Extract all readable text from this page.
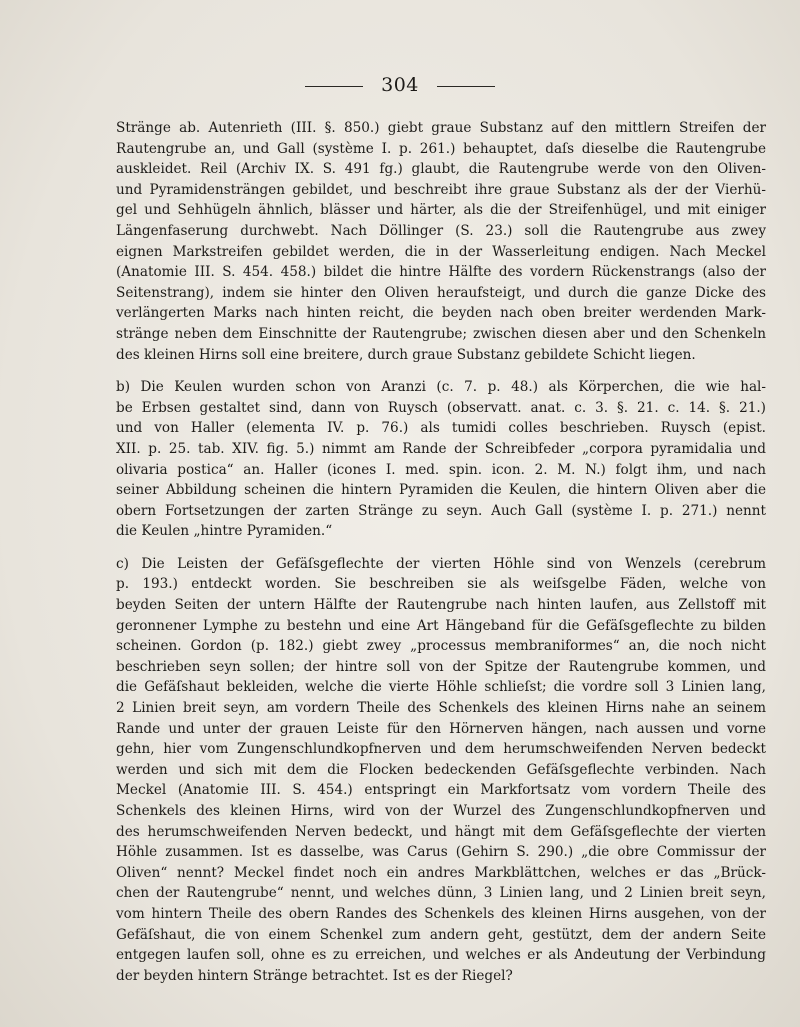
304
Stränge ab. Autenrieth (III. §. 850.) giebt graue Substanz auf den mittlern Streifen der
Rautengrube an, und Gall (système I. p. 261.) behauptet, daſs dieselbe die Rautengrube
auskleidet. Reil (Archiv IX. S. 491 fg.) glaubt, die Rautengrube werde von den Oliven-
und Pyramidensträngen gebildet, und beschreibt ihre graue Substanz als der der Vierhü-
gel und Sehhügeln ähnlich, blässer und härter, als die der Streifenhügel, und mit einiger
Längenfaserung durchwebt. Nach Döllinger (S. 23.) soll die Rautengrube aus zwey
eignen Markstreifen gebildet werden, die in der Wasserleitung endigen. Nach Meckel
(Anatomie III. S. 454. 458.) bildet die hintre Hälfte des vordern Rückenstrangs (also der
Seitenstrang), indem sie hinter den Oliven heraufsteigt, und durch die ganze Dicke des
verlängerten Marks nach hinten reicht, die beyden nach oben breiter werdenden Mark-
stränge neben dem Einschnitte der Rautengrube; zwischen diesen aber und den Schenkeln
des kleinen Hirns soll eine breitere, durch graue Substanz gebildete Schicht liegen.
b) Die Keulen wurden schon von Aranzi (c. 7. p. 48.) als Körperchen, die wie hal-
be Erbsen gestaltet sind, dann von Ruysch (observatt. anat. c. 3. §. 21. c. 14. §. 21.)
und von Haller (elementa IV. p. 76.) als tumidi colles beschrieben. Ruysch (epist.
XII. p. 25. tab. XIV. fig. 5.) nimmt am Rande der Schreibfeder „corpora pyramidalia und
olivaria postica“ an. Haller (icones I. med. spin. icon. 2. M. N.) folgt ihm, und nach
seiner Abbildung scheinen die hintern Pyramiden die Keulen, die hintern Oliven aber die
obern Fortsetzungen der zarten Stränge zu seyn. Auch Gall (système I. p. 271.) nennt
die Keulen „hintre Pyramiden.“
c) Die Leisten der Gefäſsgeflechte der vierten Höhle sind von Wenzels (cerebrum
p. 193.) entdeckt worden. Sie beschreiben sie als weiſsgelbe Fäden, welche von
beyden Seiten der untern Hälfte der Rautengrube nach hinten laufen, aus Zellstoff mit
geronnener Lymphe zu bestehn und eine Art Hängeband für die Gefäſsgeflechte zu bilden
scheinen. Gordon (p. 182.) giebt zwey „processus membraniformes“ an, die noch nicht
beschrieben seyn sollen; der hintre soll von der Spitze der Rautengrube kommen, und
die Gefäſshaut bekleiden, welche die vierte Höhle schlieſst; die vordre soll 3 Linien lang,
2 Linien breit seyn, am vordern Theile des Schenkels des kleinen Hirns nahe an seinem
Rande und unter der grauen Leiste für den Hörnerven hängen, nach aussen und vorne
gehn, hier vom Zungenschlundkopfnerven und dem herumschweifenden Nerven bedeckt
werden und sich mit dem die Flocken bedeckenden Gefäſsgeflechte verbinden. Nach
Meckel (Anatomie III. S. 454.) entspringt ein Markfortsatz vom vordern Theile des
Schenkels des kleinen Hirns, wird von der Wurzel des Zungenschlundkopfnerven und
des herumschweifenden Nerven bedeckt, und hängt mit dem Gefäſsgeflechte der vierten
Höhle zusammen. Ist es dasselbe, was Carus (Gehirn S. 290.) „die obre Commissur der
Oliven“ nennt? Meckel findet noch ein andres Markblättchen, welches er das „Brück-
chen der Rautengrube“ nennt, und welches dünn, 3 Linien lang, und 2 Linien breit seyn,
vom hintern Theile des obern Randes des Schenkels des kleinen Hirns ausgehen, von der
Gefäſshaut, die von einem Schenkel zum andern geht, gestützt, dem der andern Seite
entgegen laufen soll, ohne es zu erreichen, und welches er als Andeutung der Verbindung
der beyden hintern Stränge betrachtet. Ist es der Riegel?
